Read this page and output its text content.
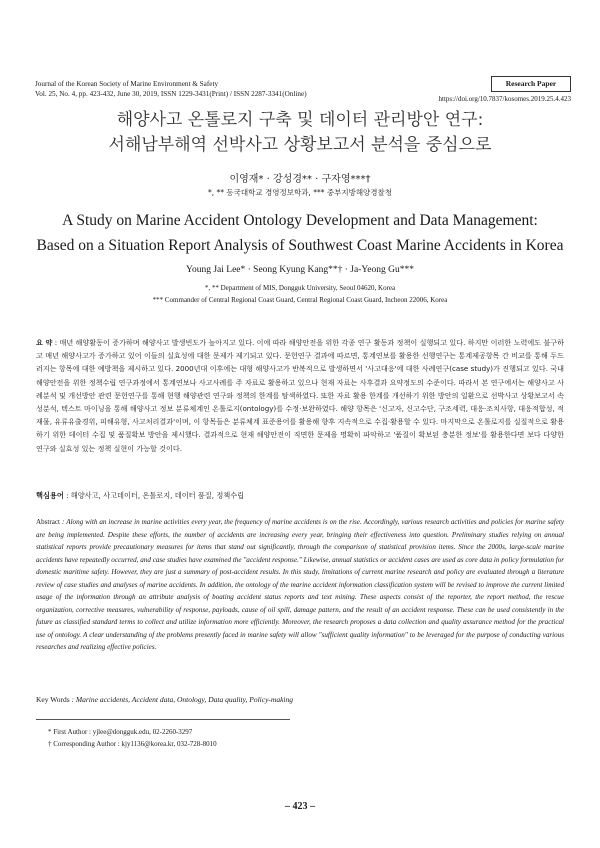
Journal of the Korean Society of Marine Environment & Safety
Vol. 25, No. 4, pp. 423-432, June 30, 2019, ISSN 1229-3431(Print) / ISSN 2287-3341(Online)
Research Paper
https://doi.org/10.7837/kosomes.2019.25.4.423
해양사고 온톨로지 구축 및 데이터 관리방안 연구:
서해남부해역 선박사고 상황보고서 분석을 중심으로
이영재* · 강성경** · 구자영***†
*, ** 동국대학교 경영정보학과, *** 중부지방해양경찰청
A Study on Marine Accident Ontology Development and Data Management:
Based on a Situation Report Analysis of Southwest Coast Marine Accidents in Korea
Young Jai Lee* · Seong Kyung Kang**† · Ja-Yeong Gu***
*, ** Department of MIS, Dongguk University, Seoul 04620, Korea
*** Commander of Central Regional Coast Guard, Central Regional Coast Guard, Incheon 22006, Korea
요 약 : 매년 해양활동이 증가하며 해양사고 발생빈도가 높아지고 있다. 이에 따라 해양안전을 위한 각종 연구 활동과 정책이 실행되고 있다. 하지만 이러한 노력에도 불구하고 매년 해양사고가 증가하고 있어 이들의 실효성에 대한 문제가 제기되고 있다. 문헌연구 결과에 따르면, 통계연보를 활용한 선행연구는 통계제공항목 간 비교를 통해 두드러지는 항목에 대한 예방책을 제시하고 있다. 2000년대 이후에는 대형 해양사고가 반복적으로 발생하면서 '사고대응'에 대한 사례연구(case study)가 진행되고 있다. 국내 해양안전을 위한 정책수립 연구과정에서 통계연보나 사고사례를 주 자료로 활용하고 있으나 현재 자료는 사후결과 요약정도의 수준이다. 따라서 본 연구에서는 해양사고 사례분석 및 개선방안 관련 문헌연구를 통해 현행 해양관련 연구와 정책의 한계를 탐색하였다. 또한 자료 활용 한계를 개선하기 위한 방안의 일환으로 선박사고 상황보고서 속성분석, 텍스트 마이닝을 통해 해양사고 정보 분류체계인 온톨로지(ontology)를 수정·보완하였다. 해양 항목은 '신고자, 신고수단, 구조세력, 대응·조치사항, 대응적합성, 적재물, 유류유출경위, 피해유형, 사고처리결과'이며, 이 항목들은 분류체계 표준용어를 활용해 향후 지속적으로 수집·활용할 수 있다. 마지막으로 온톨로지를 실질적으로 활용하기 위한 데이터 수집 및 품질확보 방안을 제시했다. 결과적으로 현재 해양안전이 직면한 문제을 명확히 파악하고 '품질이 확보된 충분한 정보'를 활용한다면 보다 다양한 연구와 실효성 있는 정책 실현이 가능할 것이다.
핵심용어 : 해양사고, 사고데이터, 온톨로지, 데이터 품질, 정책수립
Abstract : Along with an increase in marine activities every year, the frequency of marine accidents is on the rise. Accordingly, various research activities and policies for marine safety are being implemented. Despite these efforts, the number of accidents are increasing every year, bringing their effectiveness into question. Preliminary studies relying on annual statistical reports provide precautionary measures for items that stand out significantly, through the comparison of statistical provision items. Since the 2000s, large-scale marine accidents have repeatedly occurred, and case studies have examined the "accident response." Likewise, annual statistics or accident cases are used as core data in policy formulation for domestic maritime safety. However, they are just a summary of post-accident results. In this study, limitations of current marine research and policy are evaluated through a literature review of case studies and analyses of marine accidents. In addition, the ontology of the marine accident information classification system will be revised to improve the current limited usage of the information through an attribute analysis of boating accident status reports and text mining. These aspects consist of the reporter, the report method, the rescue organization, corrective measures, vulnerability of response, payloads, cause of oil spill, damage pattern, and the result of an accident response. These can be used consistently in the future as classified standard terms to collect and utilize information more efficiently. Moreover, the research proposes a data collection and quality assurance method for the practical use of ontology. A clear understanding of the problems presently faced in marine safety will allow "sufficient quality information" to be leveraged for the purpose of conducting various researches and realizing effective policies.
Key Words : Marine accidents, Accident data, Ontology, Data quality, Policy-making
* First Author : yjlee@dongguk.edu, 02-2260-3297
† Corresponding Author : kjy1136@korea.kr, 032-728-8010
– 423 –
